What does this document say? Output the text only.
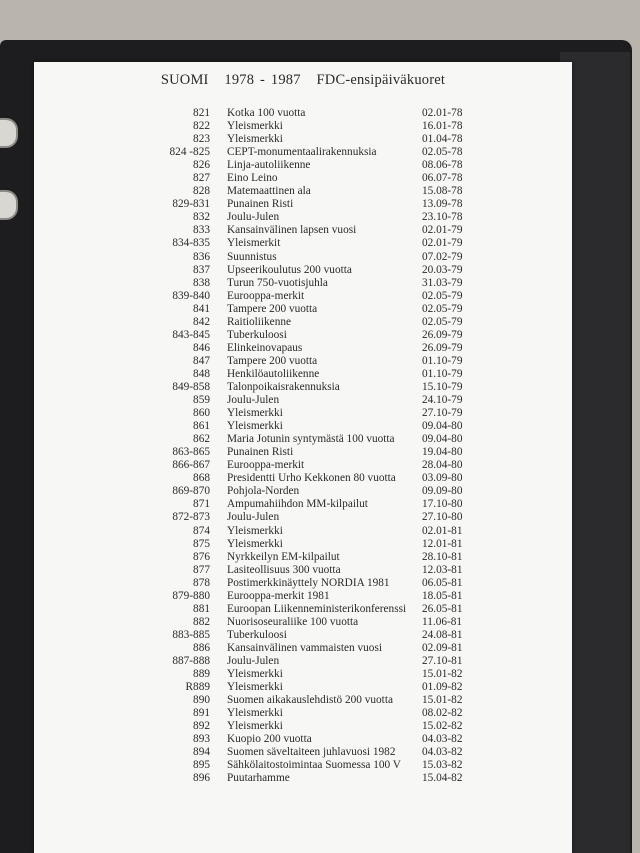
SUOMI 1978 - 1987 FDC-ensipäiväkuoret
821 Kotka 100 vuotta	02.01-78
822 Yleismerkki	16.01-78
823 Yleismerkki	01.04-78
824 -825 CEPT-monumentaalirakennuksia	02.05-78
826 Linja-autoliikenne	08.06-78
827 Eino Leino	06.07-78
828 Matemaattinen ala	15.08-78
829-831 Punainen Risti	13.09-78
832 Joulu-Julen	23.10-78
833 Kansainvälinen lapsen vuosi	02.01-79
834-835 Yleismerkit	02.01-79
836 Suunnistus	07.02-79
837 Upseerikoulutus 200 vuotta	20.03-79
838 Turun 750-vuotisjuhla	31.03-79
839-840 Eurooppa-merkit	02.05-79
841 Tampere 200 vuotta	02.05-79
842 Raitioliikenne	02.05-79
843-845 Tuberkuloosi	26.09-79
846 Elinkeinovapaus	26.09-79
847 Tampere 200 vuotta	01.10-79
848 Henkilöautoliikenne	01.10-79
849-858 Talonpoikaisrakennuksia	15.10-79
859 Joulu-Julen	24.10-79
860 Yleismerkki	27.10-79
861 Yleismerkki	09.04-80
862 Maria Jotunin syntymästä 100 vuotta 09.04-80
863-865 Punainen Risti	19.04-80
866-867 Eurooppa-merkit	28.04-80
868 Presidentti Urho Kekkonen 80 vuotta 03.09-80
869-870 Pohjola-Norden	09.09-80
871 Ampumahiihdon MM-kilpailut	17.10-80
872-873 Joulu-Julen	27.10-80
874 Yleismerkki	02.01-81
875 Yleismerkki	12.01-81
876 Nyrkkeilyn EM-kilpailut	28.10-81
877 Lasiteollisuus 300 vuotta	12.03-81
878 Postimerkkinäyttely NORDIA 1981	06.05-81
879-880 Eurooppa-merkit 1981	18.05-81
881 Euroopan Liikenneministerikonferenssi 26.05-81
882 Nuorisoseuraliike 100 vuotta	11.06-81
883-885 Tuberkuloosi	24.08-81
886 Kansainvälinen vammaisten vuosi	02.09-81
887-888 Joulu-Julen	27.10-81
889 Yleismerkki	15.01-82
R889 Yleismerkki	01.09-82
890 Suomen aikakauslehdistö 200 vuotta	15.01-82
891 Yleismerkki	08.02-82
892 Yleismerkki	15.02-82
893 Kuopio 200 vuotta	04.03-82
894 Suomen säveltaiteen juhlavuosi 1982 04.03-82
895 Sähkölaitostoimintaa Suomessa 100 V 15.03-82
896 Puutarhamme	15.04-82
